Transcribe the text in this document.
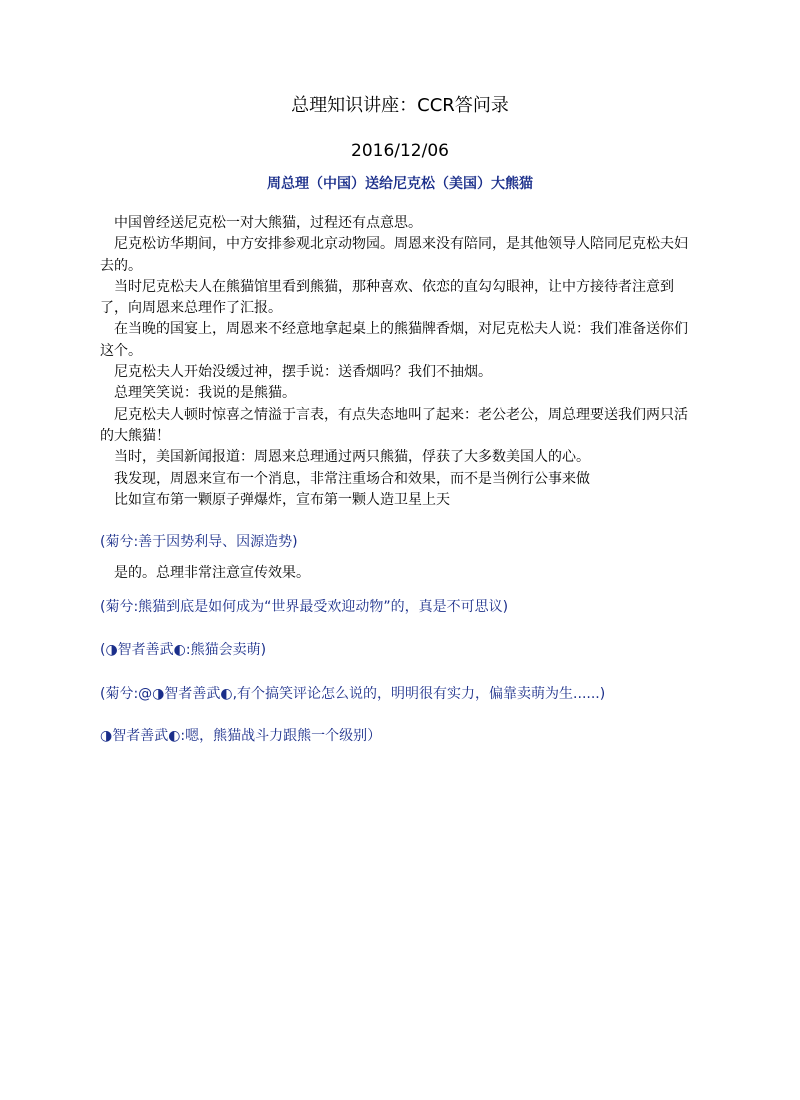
总理知识讲座：CCR答问录
2016/12/06
周总理（中国）送给尼克松（美国）大熊猫

中国曾经送尼克松一对大熊猫，过程还有点意思。

尼克松访华期间，中方安排参观北京动物园。周恩来没有陪同，是其他领导人陪同尼克松夫妇去的。

当时尼克松夫人在熊猫馆里看到熊猫，那种喜欢、依恋的直勾勾眼神，让中方接待者注意到了，向周恩来总理作了汇报。

在当晚的国宴上，周恩来不经意地拿起桌上的熊猫牌香烟，对尼克松夫人说：我们准备送你们这个。

尼克松夫人开始没缓过神，摆手说：送香烟吗？我们不抽烟。

总理笑笑说：我说的是熊猫。

尼克松夫人顿时惊喜之情溢于言表，有点失态地叫了起来：老公老公，周总理要送我们两只活的大熊猫！

当时，美国新闻报道：周恩来总理通过两只熊猫，俘获了大多数美国人的心。

我发现，周恩来宣布一个消息，非常注重场合和效果，而不是当例行公事来做

比如宣布第一颗原子弹爆炸，宣布第一颗人造卫星上天

(菊兮:善于因势利导、因源造势)
是的。总理非常注意宣传效果。
(菊兮:熊猫到底是如何成为“世界最受欢迎动物”的，真是不可思议)
(◑智者善武◐:熊猫会卖萌)
(菊兮:@◑智者善武◐,有个搞笑评论怎么说的，明明很有实力，偏靠卖萌为生......)
◑智者善武◐:嗯，熊猫战斗力跟熊一个级别）
